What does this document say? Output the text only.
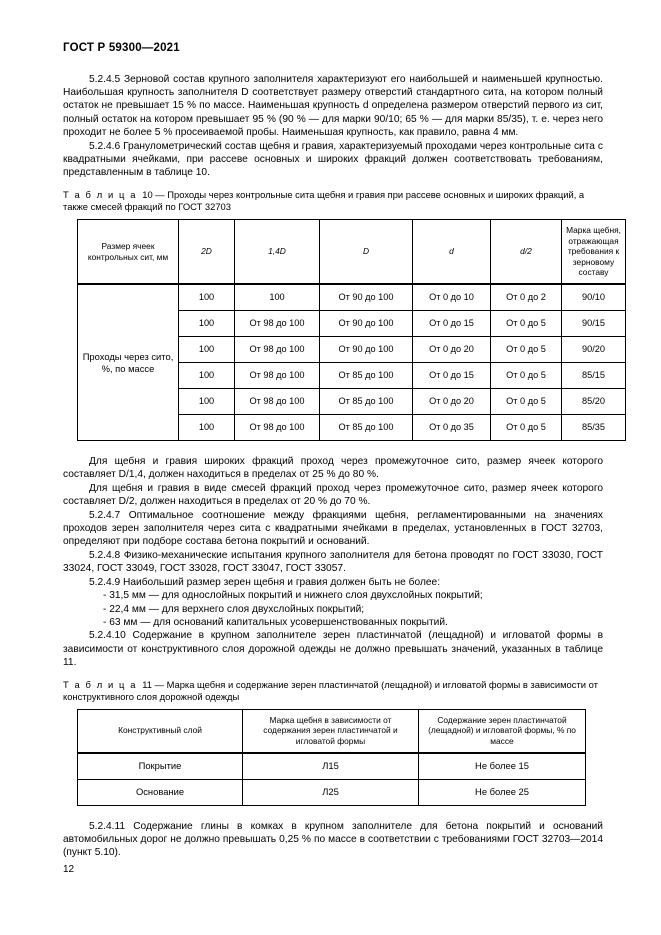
ГОСТ Р 59300—2021

5.2.4.5 Зерновой состав крупного заполнителя характеризуют его наибольшей и наименьшей крупностью. Наибольшая крупность заполнителя D соответствует размеру отверстий стандартного сита, на котором полный остаток не превышает 15 % по массе. Наименьшая крупность d определена размером отверстий первого из сит, полный остаток на котором превышает 95 % (90 % — для марки 90/10; 65 % — для марки 85/35), т. е. через него проходит не более 5 % просеиваемой пробы. Наименьшая крупность, как правило, равна 4 мм.

5.2.4.6 Гранулометрический состав щебня и гравия, характеризуемый проходами через контрольные сита с квадратными ячейками, при рассеве основных и широких фракций должен соответствовать требованиям, представленным в таблице 10.

Т а б л и ц а 10 — Проходы через контрольные сита щебня и гравия при рассеве основных и широких фракций, а также смесей фракций по ГОСТ 32703

Размер ячеек контрольных сит, мм	2D	1,4D	D	d	d/2	Марка щебня, отражающая требования к зерновому составу
Проходы через сито, %, по массе	100	100	От 90 до 100	От 0 до 10	От 0 до 2	90/10
	100	От 98 до 100	От 90 до 100	От 0 до 15	От 0 до 5	90/15
	100	От 98 до 100	От 90 до 100	От 0 до 20	От 0 до 5	90/20
	100	От 98 до 100	От 85 до 100	От 0 до 15	От 0 до 5	85/15
	100	От 98 до 100	От 85 до 100	От 0 до 20	От 0 до 5	85/20
	100	От 98 до 100	От 85 до 100	От 0 до 35	От 0 до 5	85/35

Для щебня и гравия широких фракций проход через промежуточное сито, размер ячеек которого составляет D/1,4, должен находиться в пределах от 25 % до 80 %.

Для щебня и гравия в виде смесей фракций проход через промежуточное сито, размер ячеек которого составляет D/2, должен находиться в пределах от 20 % до 70 %.

5.2.4.7 Оптимальное соотношение между фракциями щебня, регламентированными на значениях проходов зерен заполнителя через сита с квадратными ячейками в пределах, установленных в ГОСТ 32703, определяют при подборе состава бетона покрытий и оснований.

5.2.4.8 Физико-механические испытания крупного заполнителя для бетона проводят по ГОСТ 33030, ГОСТ 33024, ГОСТ 33049, ГОСТ 33028, ГОСТ 33047, ГОСТ 33057.

5.2.4.9 Наибольший размер зерен щебня и гравия должен быть не более:

- 31,5 мм — для однослойных покрытий и нижнего слоя двухслойных покрытий;

- 22,4 мм — для верхнего слоя двухслойных покрытий;

- 63 мм — для оснований капитальных усовершенствованных покрытий.

5.2.4.10 Содержание в крупном заполнителе зерен пластинчатой (лещадной) и игловатой формы в зависимости от конструктивного слоя дорожной одежды не должно превышать значений, указанных в таблице 11.

Т а б л и ц а 11 — Марка щебня и содержание зерен пластинчатой (лещадной) и игловатой формы в зависимости от конструктивного слоя дорожной одежды

Конструктивный слой	Марка щебня в зависимости от содержания зерен пластинчатой и игловатой формы	Содержание зерен пластинчатой (лещадной) и игловатой формы, % по массе
Покрытие	Л15	Не более 15
Основание	Л25	Не более 25

5.2.4.11 Содержание глины в комках в крупном заполнителе для бетона покрытий и оснований автомобильных дорог не должно превышать 0,25 % по массе в соответствии с требованиями ГОСТ 32703—2014 (пункт 5.10).

12
